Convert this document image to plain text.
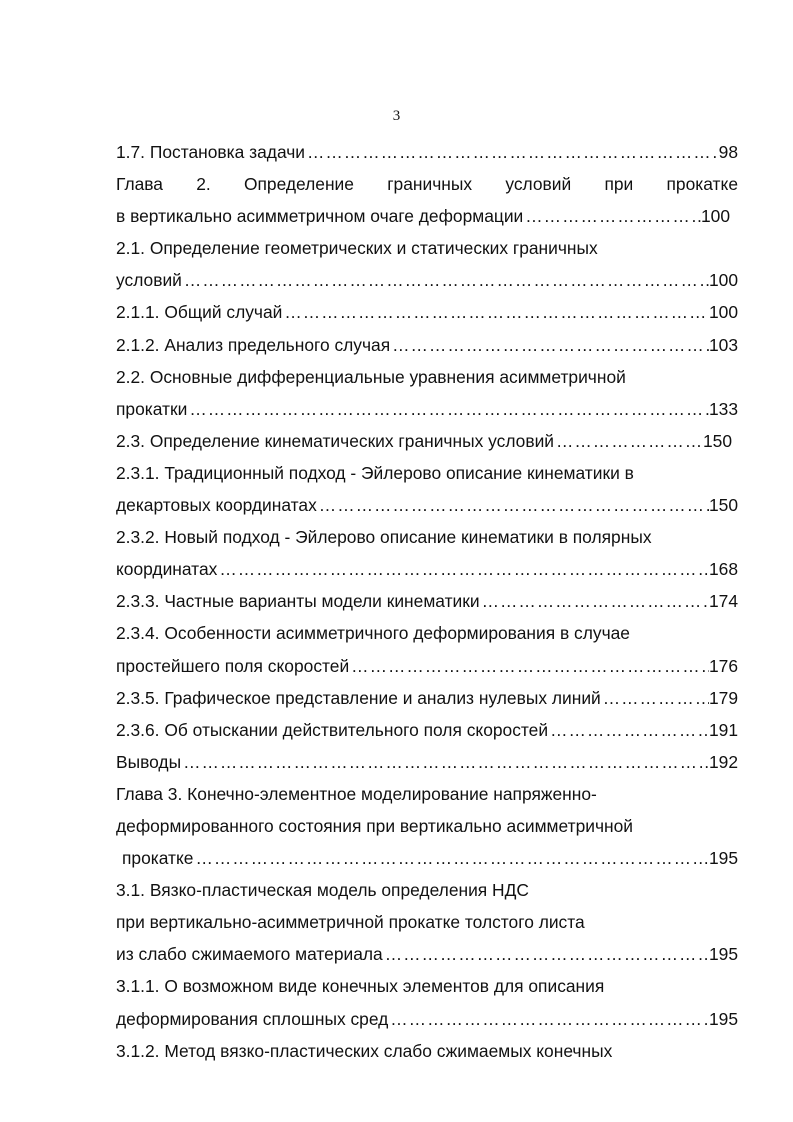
3
1.7. Постановка задачи ………………………………………………………………………………………………………………………………………………………………………………	98
Глава 2. Определение граничных условий при прокатке
в вертикально асимметричном очаге деформации ………………………………………………………………………………………………………………………………………………………………………………	100
2.1. Определение геометрических и статических граничных
условий ………………………………………………………………………………………………………………………………………………………………………………	100
2.1.1. Общий случай ………………………………………………………………………………………………………………………………………………………………………………	100
2.1.2. Анализ предельного случая ………………………………………………………………………………………………………………………………………………………………………………	103
2.2. Основные дифференциальные уравнения асимметричной
прокатки ………………………………………………………………………………………………………………………………………………………………………………	133
2.3. Определение кинематических граничных условий ………………………………………………………………………………………………………………………………………………………………………………	150
2.3.1. Традиционный подход - Эйлерово описание кинематики в
декартовых координатах ………………………………………………………………………………………………………………………………………………………………………………	150
2.3.2. Новый подход - Эйлерово описание кинематики в полярных
координатах ………………………………………………………………………………………………………………………………………………………………………………	168
2.3.3. Частные варианты модели кинематики ………………………………………………………………………………………………………………………………………………………………………………	174
2.3.4. Особенности асимметричного деформирования в случае
простейшего поля скоростей ………………………………………………………………………………………………………………………………………………………………………………	176
2.3.5. Графическое представление и анализ нулевых линий ………………………………………………………………………………………………………………………………………………………………………………	179
2.3.6. Об отыскании действительного поля скоростей ………………………………………………………………………………………………………………………………………………………………………………	191
Выводы ………………………………………………………………………………………………………………………………………………………………………………	192
Глава 3. Конечно-элементное моделирование напряженно-
деформированного состояния при вертикально асимметричной
прокатке ………………………………………………………………………………………………………………………………………………………………………………	195
3.1. Вязко-пластическая модель определения НДС
при вертикально-асимметричной прокатке толстого листа
из слабо сжимаемого материала ………………………………………………………………………………………………………………………………………………………………………………	195
3.1.1. О возможном виде конечных элементов для описания
деформирования сплошных сред ………………………………………………………………………………………………………………………………………………………………………………	195
3.1.2. Метод вязко-пластических слабо сжимаемых конечных
